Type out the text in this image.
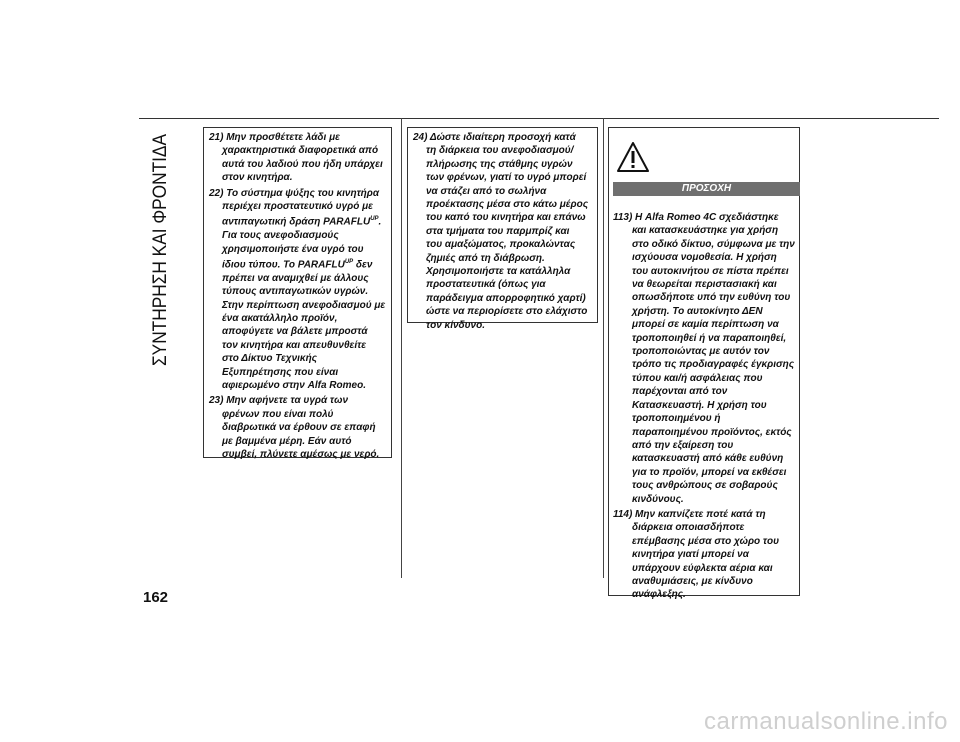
ΣΥΝΤΗΡΗΣΗ ΚΑΙ ΦΡΟΝΤΙΔΑ	21) Μην προσθέτετε λάδι με
χαρακτηριστικά διαφορετικά από
αυτά του λαδιού που ήδη υπάρχει
στον κινητήρα.

22) Το σύστημα ψύξης του κινητήρα
περιέχει προστατευτικό υγρό με
αντιπαγωτική δράση $PARAFLU^{UP}$.
Για τους ανεφοδιασμούς
χρησιμοποιήστε ένα υγρό του
ίδιου τύπου. Το $PARAFLU^{UP}$ δεν
πρέπει να αναμιχθεί με άλλους
τύπους αντιπαγωτικών υγρών.
Στην περίπτωση ανεφοδιασμού με
ένα ακατάλληλο προϊόν,
αποφύγετε να βάλετε μπροστά
τον κινητήρα και απευθυνθείτε
στο Δίκτυο Τεχνικής
Εξυπηρέτησης που είναι
αφιερωμένο στην Alfa Romeo.

23) Μην αφήνετε τα υγρά των
φρένων που είναι πολύ
διαβρωτικά να έρθουν σε επαφή
με βαμμένα μέρη. Εάν αυτό
συμβεί, πλύνετε αμέσως με νερό.

24) Δώστε ιδιαίτερη προσοχή κατά
τη διάρκεια του ανεφοδιασμού/
πλήρωσης της στάθμης υγρών
των φρένων, γιατί το υγρό μπορεί
να στάζει από το σωλήνα
προέκτασης μέσα στο κάτω μέρος
του καπό του κινητήρα και επάνω
στα τμήματα του παρμπρίζ και
του αμαξώματος, προκαλώντας
ζημιές από τη διάβρωση.
Χρησιμοποιήστε τα κατάλληλα
προστατευτικά (όπως για
παράδειγμα απορροφητικό χαρτί)
ώστε να περιορίσετε στο ελάχιστο
τον κίνδυνο.

ΠΡΟΣΟΧΗ

113) Η Alfa Romeo 4C σχεδιάστηκε
και κατασκευάστηκε για χρήση
στο οδικό δίκτυο, σύμφωνα με την
ισχύουσα νομοθεσία. Η χρήση
του αυτοκινήτου σε πίστα πρέπει
να θεωρείται περιστασιακή και
οπωσδήποτε υπό την ευθύνη του
χρήστη. Το αυτοκίνητο ΔΕΝ
μπορεί σε καμία περίπτωση να
τροποποιηθεί ή να παραποιηθεί,
τροποποιώντας με αυτόν τον
τρόπο τις προδιαγραφές έγκρισης
τύπου και/ή ασφάλειας που
παρέχονται από τον
Κατασκευαστή. Η χρήση του
τροποποιημένου ή
παραποιημένου προϊόντος, εκτός
από την εξαίρεση του
κατασκευαστή από κάθε ευθύνη
για το προϊόν, μπορεί να εκθέσει
τους ανθρώπους σε σοβαρούς
κινδύνους.

114) Μην καπνίζετε ποτέ κατά τη
διάρκεια οποιασδήποτε
επέμβασης μέσα στο χώρο του
κινητήρα γιατί μπορεί να
υπάρχουν εύφλεκτα αέρια και
αναθυμιάσεις, με κίνδυνο
ανάφλεξης.

162
carmanualsonline.info
